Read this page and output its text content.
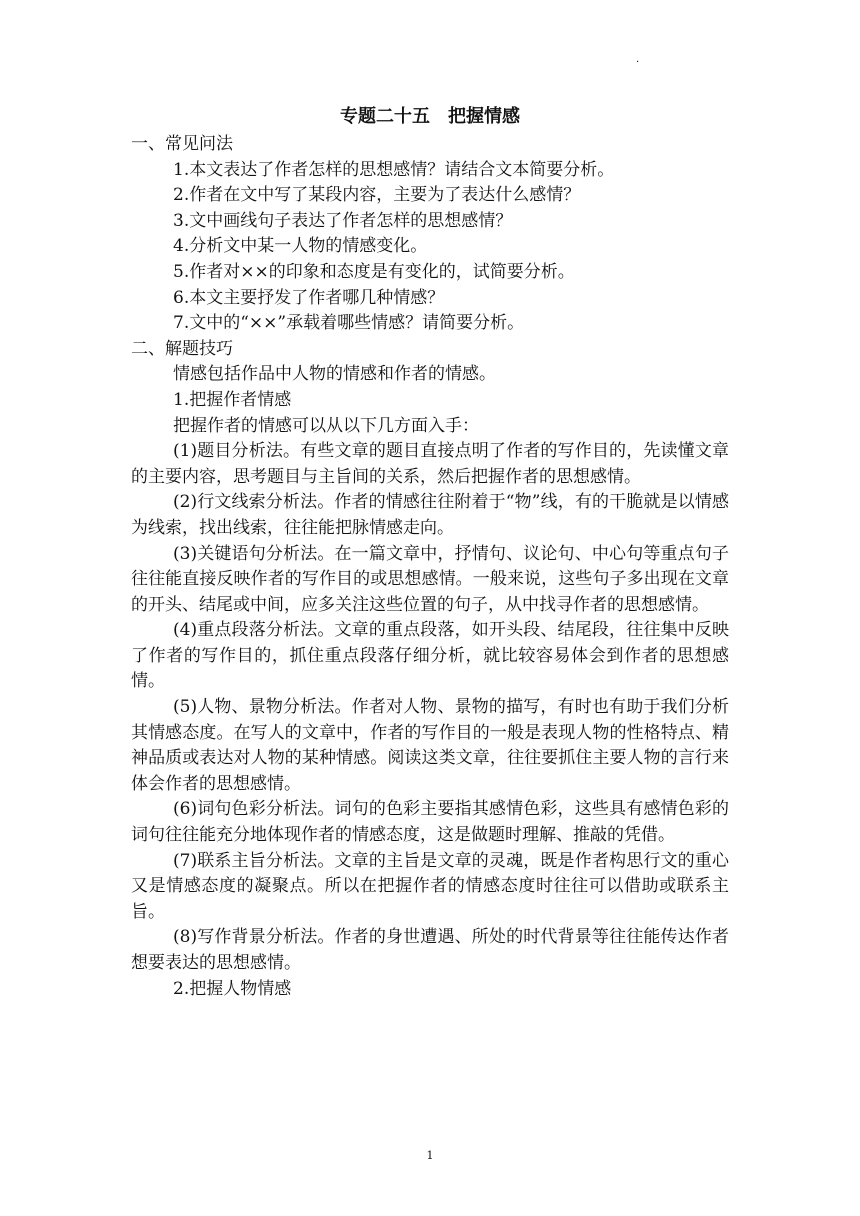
·
专题二十五　把握情感
一、常见问法
1.本文表达了作者怎样的思想感情？请结合文本简要分析。
2.作者在文中写了某段内容，主要为了表达什么感情？
3.文中画线句子表达了作者怎样的思想感情？
4.分析文中某一人物的情感变化。
5.作者对××的印象和态度是有变化的，试简要分析。
6.本文主要抒发了作者哪几种情感？
7.文中的“××”承载着哪些情感？请简要分析。
二、解题技巧
情感包括作品中人物的情感和作者的情感。
1.把握作者情感
把握作者的情感可以从以下几方面入手：
(1)题目分析法。有些文章的题目直接点明了作者的写作目的，先读懂文章的主要内容，思考题目与主旨间的关系，然后把握作者的思想感情。
(2)行文线索分析法。作者的情感往往附着于“物”线，有的干脆就是以情感为线索，找出线索，往往能把脉情感走向。
(3)关键语句分析法。在一篇文章中，抒情句、议论句、中心句等重点句子往往能直接反映作者的写作目的或思想感情。一般来说，这些句子多出现在文章的开头、结尾或中间，应多关注这些位置的句子，从中找寻作者的思想感情。
(4)重点段落分析法。文章的重点段落，如开头段、结尾段，往往集中反映了作者的写作目的，抓住重点段落仔细分析，就比较容易体会到作者的思想感情。
(5)人物、景物分析法。作者对人物、景物的描写，有时也有助于我们分析其情感态度。在写人的文章中，作者的写作目的一般是表现人物的性格特点、精神品质或表达对人物的某种情感。阅读这类文章，往往要抓住主要人物的言行来体会作者的思想感情。
(6)词句色彩分析法。词句的色彩主要指其感情色彩，这些具有感情色彩的词句往往能充分地体现作者的情感态度，这是做题时理解、推敲的凭借。
(7)联系主旨分析法。文章的主旨是文章的灵魂，既是作者构思行文的重心又是情感态度的凝聚点。所以在把握作者的情感态度时往往可以借助或联系主旨。
(8)写作背景分析法。作者的身世遭遇、所处的时代背景等往往能传达作者想要表达的思想感情。
2.把握人物情感
1
